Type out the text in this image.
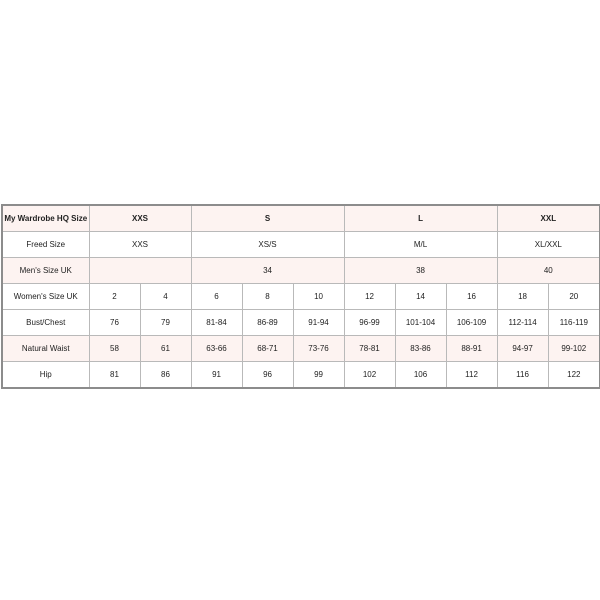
My Wardrobe HQ Size	XXS		S			L			XXL	
Freed Size	XXS		XS/S			M/L			XL/XXL	
Men's Size UK			34			38			40	
Women's Size UK	2	4	6	8	10	12	14	16	18	20
Bust/Chest	76	79	81-84	86-89	91-94	96-99	101-104	106-109	112-114	116-119
Natural Waist	58	61	63-66	68-71	73-76	78-81	83-86	88-91	94-97	99-102
Hip	81	86	91	96	99	102	106	112	116	122
